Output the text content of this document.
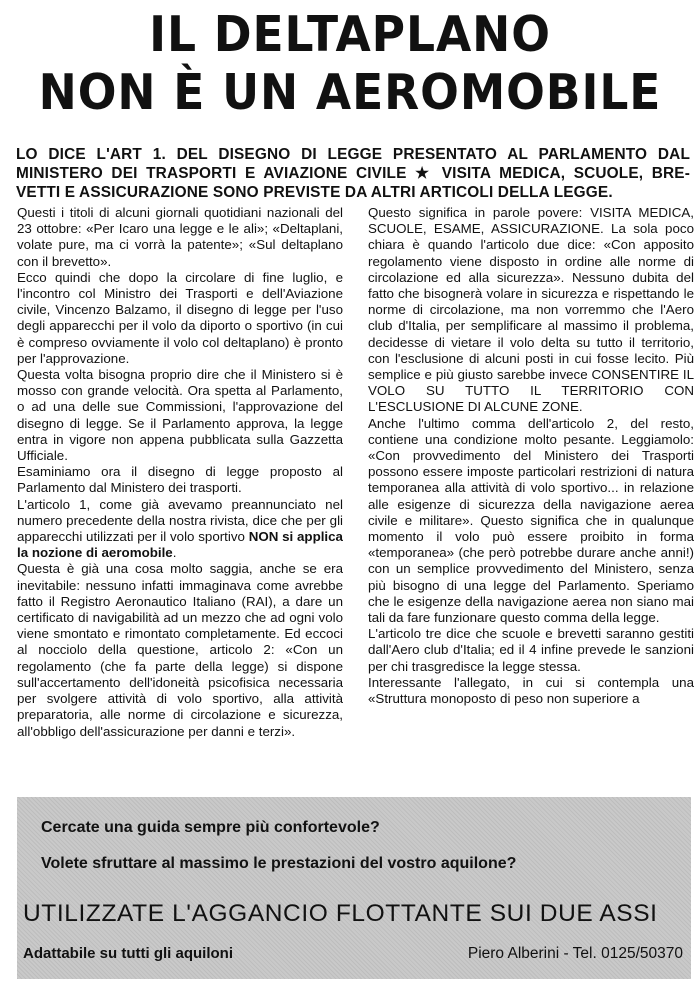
IL DELTAPLANO
NON È UN AEROMOBILE
LO DICE L'ART 1. DEL DISEGNO DI LEGGE PRESENTATO AL PARLAMENTO DAL
MINISTERO DEI TRASPORTI E AVIAZIONE CIVILE ★ VISITA MEDICA, SCUOLE, BRE-
VETTI E ASSICURAZIONE SONO PREVISTE DA ALTRI ARTICOLI DELLA LEGGE.

Questi i titoli di alcuni giornali quotidiani nazionali del 23 ottobre: «Per Icaro una legge e le ali»; «Deltaplani, volate pure, ma ci vorrà la patente»; «Sul deltaplano con il brevetto».

Ecco quindi che dopo la circolare di fine luglio, e l'incontro col Ministro dei Trasporti e dell'Aviazione civile, Vincenzo Balzamo, il disegno di legge per l'uso degli apparecchi per il volo da diporto o sportivo (in cui è compreso ovviamente il volo col deltaplano) è pronto per l'approvazione.

Questa volta bisogna proprio dire che il Ministero si è mosso con grande velocità. Ora spetta al Parlamento, o ad una delle sue Commissioni, l'approvazione del disegno di legge. Se il Parlamento approva, la legge entra in vigore non appena pubblicata sulla Gazzetta Ufficiale.

Esaminiamo ora il disegno di legge proposto al Parlamento dal Ministero dei trasporti.

L'articolo 1, come già avevamo preannunciato nel numero precedente della nostra rivista, dice che per gli apparecchi utilizzati per il volo sportivo NON si applica la nozione di aeromobile.

Questa è già una cosa molto saggia, anche se era inevitabile: nessuno infatti immaginava come avrebbe fatto il Registro Aeronautico Italiano (RAI), a dare un certificato di navigabilità ad un mezzo che ad ogni volo viene smontato e rimontato completamente. Ed eccoci al nocciolo della questione, articolo 2: «Con un regolamento (che fa parte della legge) si dispone sull'accertamento dell'idoneità psicofisica necessaria per svolgere attività di volo sportivo, alla attività preparatoria, alle norme di circolazione e sicurezza, all'obbligo dell'assicurazione per danni e terzi».

Questo significa in parole povere: VISITA MEDICA, SCUOLE, ESAME, ASSICURAZIONE. La sola poco chiara è quando l'articolo due dice: «Con apposito regolamento viene disposto in ordine alle norme di circolazione ed alla sicurezza». Nessuno dubita del fatto che bisognerà volare in sicurezza e rispettando le norme di circolazione, ma non vorremmo che l'Aero club d'Italia, per semplificare al massimo il problema, decidesse di vietare il volo delta su tutto il territorio, con l'esclusione di alcuni posti in cui fosse lecito. Più semplice e più giusto sarebbe invece CONSENTIRE IL VOLO SU TUTTO IL TERRITORIO CON L'ESCLUSIONE DI ALCUNE ZONE.

Anche l'ultimo comma dell'articolo 2, del resto, contiene una condizione molto pesante. Leggiamolo: «Con provvedimento del Ministero dei Trasporti possono essere imposte particolari restrizioni di natura temporanea alla attività di volo sportivo... in relazione alle esigenze di sicurezza della navigazione aerea civile e militare». Questo significa che in qualunque momento il volo può essere proibito in forma «temporanea» (che però potrebbe durare anche anni!) con un semplice provvedimento del Ministero, senza più bisogno di una legge del Parlamento. Speriamo che le esigenze della navigazione aerea non siano mai tali da fare funzionare questo comma della legge.

L'articolo tre dice che scuole e brevetti saranno gestiti dall'Aero club d'Italia; ed il 4 infine prevede le sanzioni per chi trasgredisce la legge stessa.

Interessante l'allegato, in cui si contempla una «Struttura monoposto di peso non superiore a

Cercate una guida sempre più confortevole?
Volete sfruttare al massimo le prestazioni del vostro aquilone?
UTILIZZATE L'AGGANCIO FLOTTANTE SUI DUE ASSI
Adattabile su tutti gli aquiloni	Piero Alberini - Tel. 0125/50370
